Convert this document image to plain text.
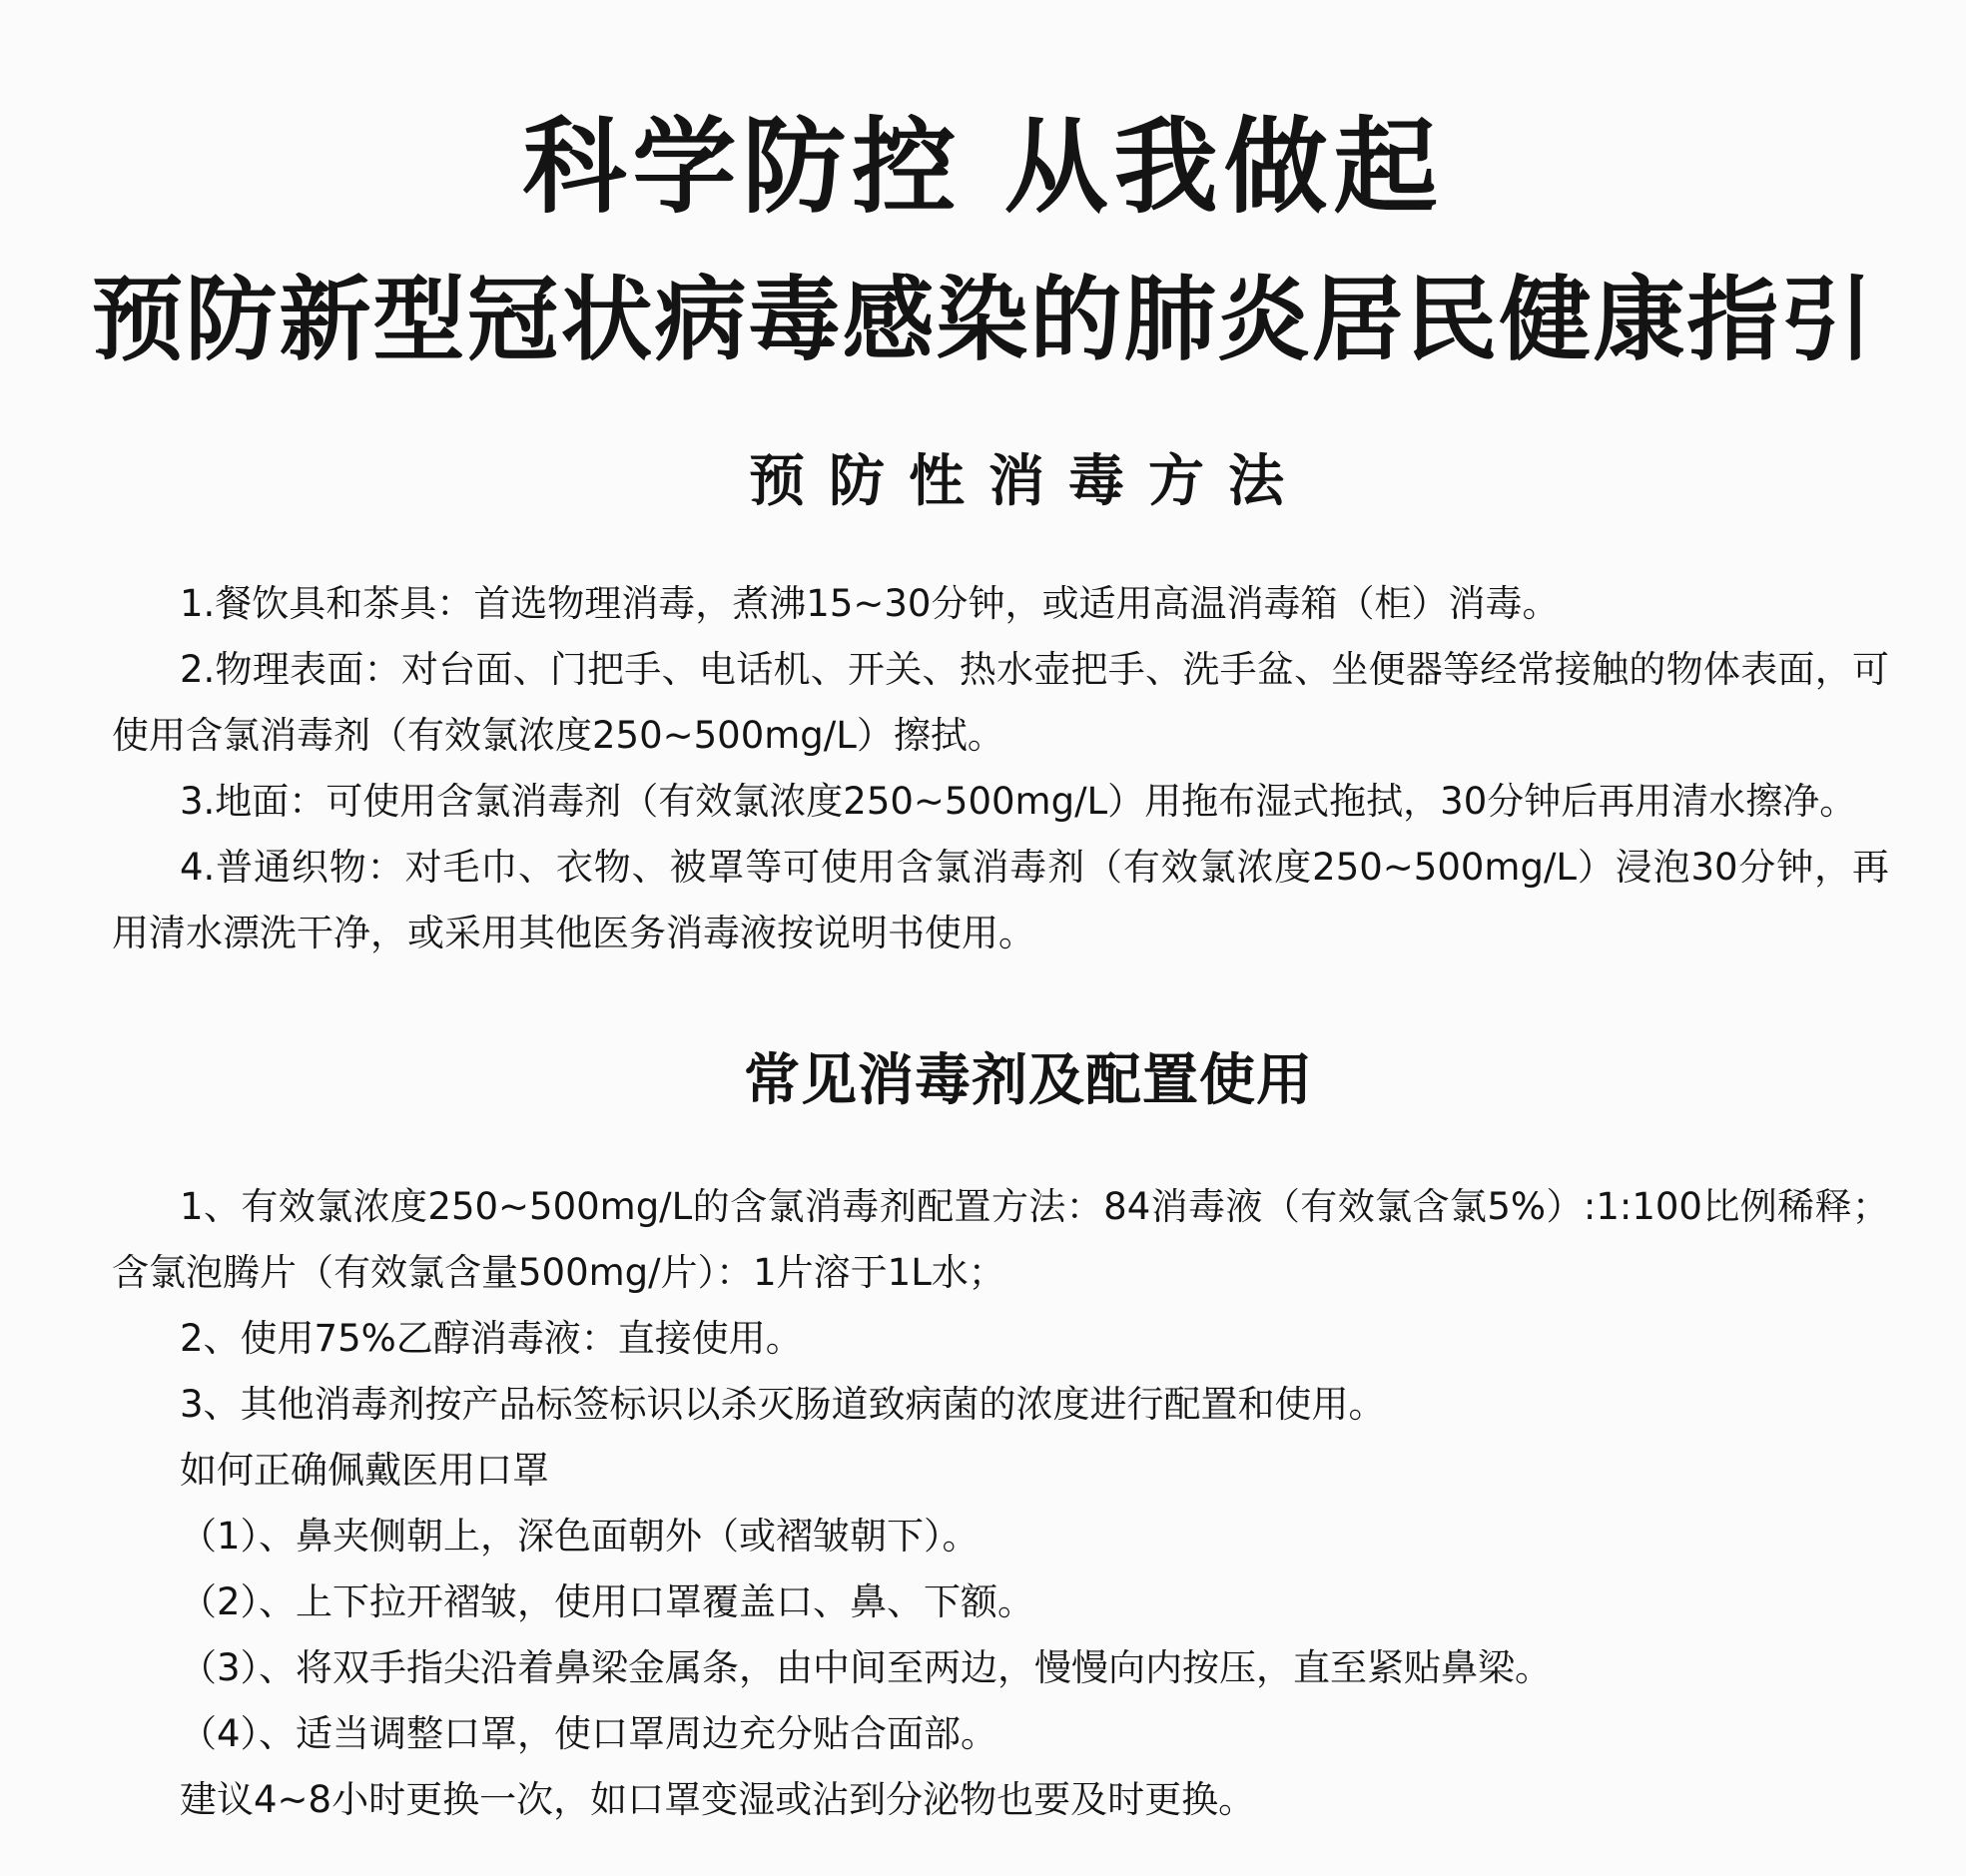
科学防控 从我做起
预防新型冠状病毒感染的肺炎居民健康指引
预防性消毒方法

1.餐饮具和茶具：首选物理消毒，煮沸15~30分钟，或适用高温消毒箱（柜）消毒。

2.物理表面：对台面、门把手、电话机、开关、热水壶把手、洗手盆、坐便器等经常接触的物体表面，可使用含氯消毒剂（有效氯浓度250~500mg/L）擦拭。

3.地面：可使用含氯消毒剂（有效氯浓度250~500mg/L）用拖布湿式拖拭，30分钟后再用清水擦净。

4.普通织物：对毛巾、衣物、被罩等可使用含氯消毒剂（有效氯浓度250~500mg/L）浸泡30分钟，再用清水漂洗干净，或采用其他医务消毒液按说明书使用。

常见消毒剂及配置使用

1、有效氯浓度250~500mg/L的含氯消毒剂配置方法：84消毒液（有效氯含氯5%）:1:100比例稀释；含氯泡腾片（有效氯含量500mg/片）：1片溶于1L水；

2、使用75%乙醇消毒液：直接使用。

3、其他消毒剂按产品标签标识以杀灭肠道致病菌的浓度进行配置和使用。

如何正确佩戴医用口罩

（1）、鼻夹侧朝上，深色面朝外（或褶皱朝下）。

（2）、上下拉开褶皱，使用口罩覆盖口、鼻、下额。

（3）、将双手指尖沿着鼻梁金属条，由中间至两边，慢慢向内按压，直至紧贴鼻梁。

（4）、适当调整口罩，使口罩周边充分贴合面部。

建议4~8小时更换一次，如口罩变湿或沾到分泌物也要及时更换。
